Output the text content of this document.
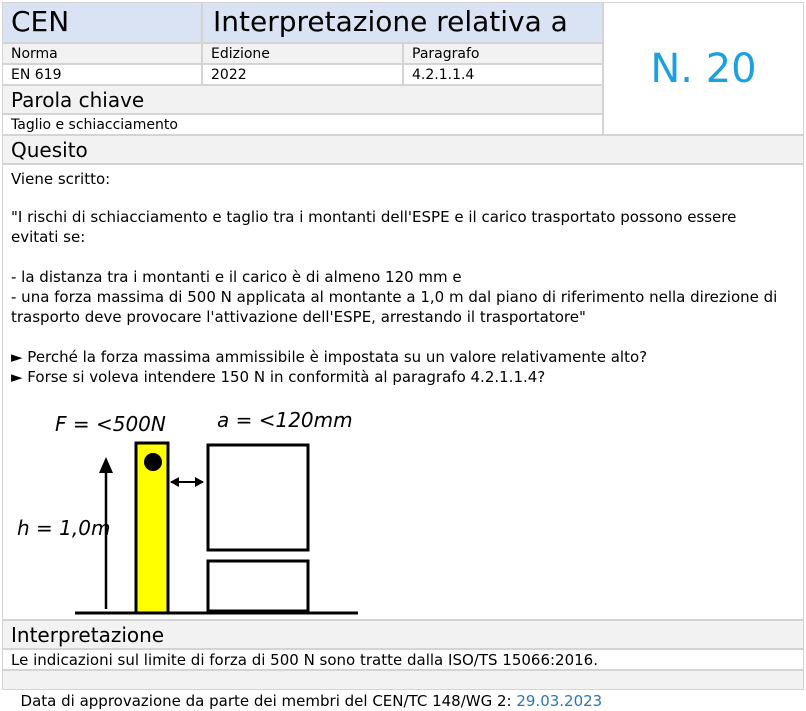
CEN	Interpretazione relativa a
N. 20
Norma	Edizione	Paragrafo
EN 619	2022	4.2.1.1.4
Parola chiave
Taglio e schiacciamento
Quesito
Viene scritto:
"I rischi di schiacciamento e taglio tra i montanti dell'ESPE e il carico trasportato possono essere
evitati se:
- la distanza tra i montanti e il carico è di almeno 120 mm e
- una forza massima di 500 N applicata al montante a 1,0 m dal piano di riferimento nella direzione di
trasporto deve provocare l'attivazione dell'ESPE, arrestando il trasportatore"
► Perché la forza massima ammissibile è impostata su un valore relativamente alto?
► Forse si voleva intendere 150 N in conformità al paragrafo 4.2.1.1.4?
F = <500N	a = <120mm
h = 1,0m
Interpretazione
Le indicazioni sul limite di forza di 500 N sono tratte dalla ISO/TS 15066:2016.

Data di approvazione da parte dei membri del CEN/TC 148/WG 2: 29.03.2023
